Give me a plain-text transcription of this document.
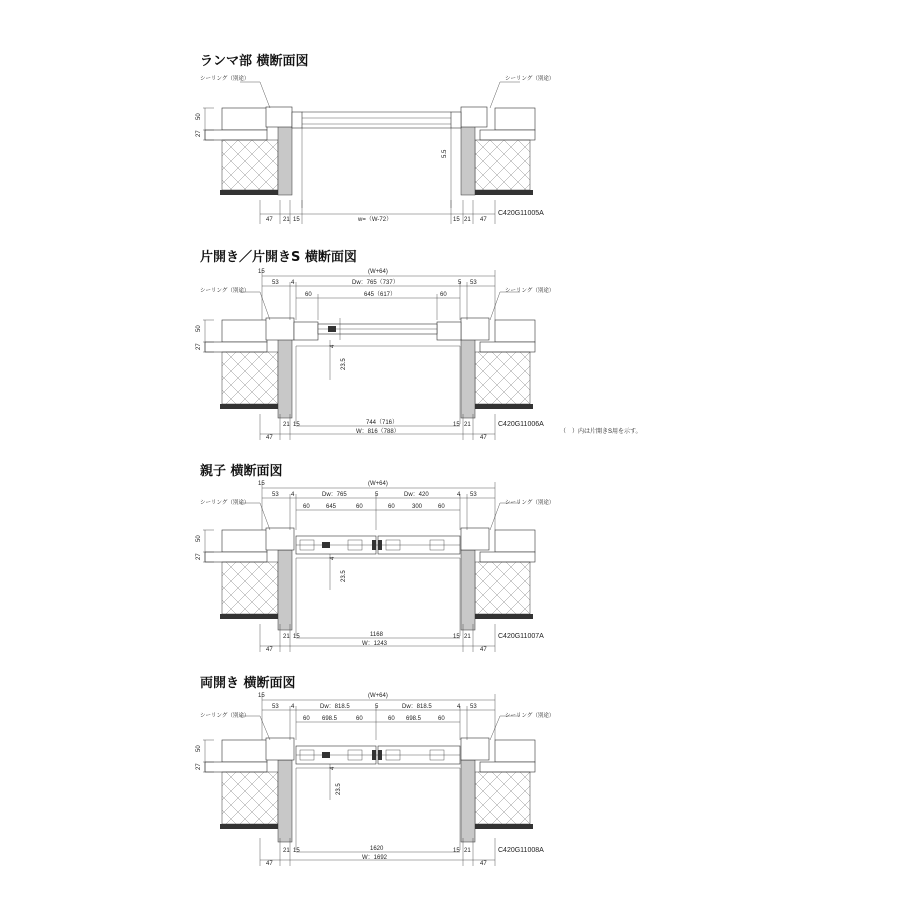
ランマ部 横断面図
片開き／片開きS 横断面図
親子 横断面図
両開き 横断面図
シーリング（別途）	シーリング（別途）
50
27
5.5
47 21 15	w=（W-72）	15 21 47
C420G11005A
15	(W+64)
53 4	Dw：765（737）	5 53
60	645（617）	60
シーリング（別途）	シーリング（別途）
50
27	4
23.5
744（716）
W：816（788）
47
21 15	15 21
47
C420G11006A
（　）内は片開きS用を示す。
15	(W+64)
53 4	Dw：765	5	Dw：420	4 53
60	645	60	60	300	60
シーリング（別途）	シーリング（別途）
50
27	4
23.5
1168
W：1243
47
21 15	15 21
47
C420G11007A
15	(W+64)
53 4	Dw：818.5	5	Dw：818.5	4 53
60 698.5	60	60 698.5	60
シーリング（別途）	シーリング（別途）
50
27	4
23.5
1620
W：1692
47
21 15	15 21
47
C420G11008A
